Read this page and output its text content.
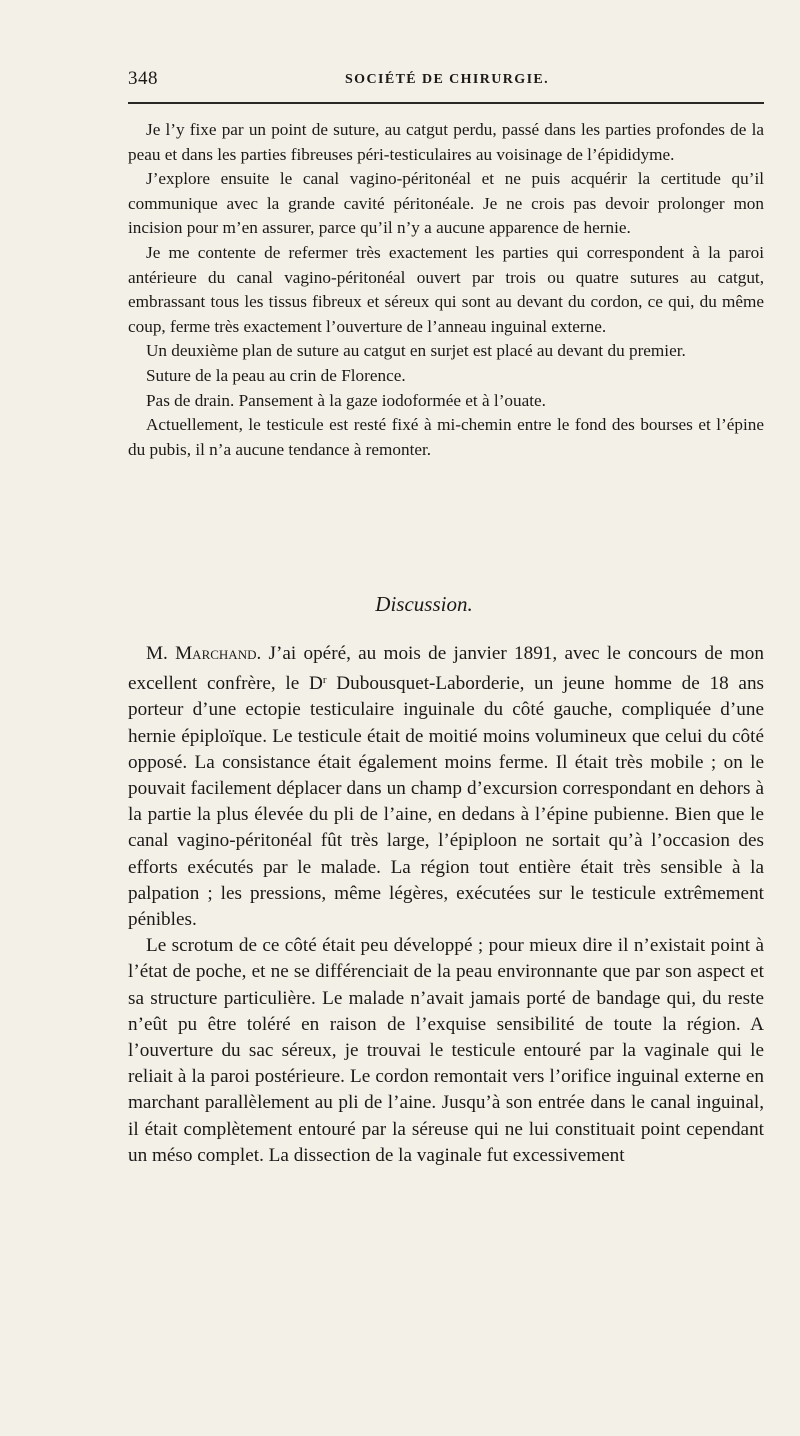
348	SOCIÉTÉ DE CHIRURGIE.

Je l’y fixe par un point de suture, au catgut perdu, passé dans les parties profondes de la peau et dans les parties fibreuses péri-testiculaires au voisinage de l’épididyme.

J’explore ensuite le canal vagino-péritonéal et ne puis acquérir la certitude qu’il communique avec la grande cavité péritonéale. Je ne crois pas devoir prolonger mon incision pour m’en assurer, parce qu’il n’y a aucune apparence de hernie.

Je me contente de refermer très exactement les parties qui correspondent à la paroi antérieure du canal vagino-péritonéal ouvert par trois ou quatre sutures au catgut, embrassant tous les tissus fibreux et séreux qui sont au devant du cordon, ce qui, du même coup, ferme très exactement l’ouverture de l’anneau inguinal externe.

Un deuxième plan de suture au catgut en surjet est placé au devant du premier.

Suture de la peau au crin de Florence.

Pas de drain. Pansement à la gaze iodoformée et à l’ouate.

Actuellement, le testicule est resté fixé à mi-chemin entre le fond des bourses et l’épine du pubis, il n’a aucune tendance à remonter.

Discussion.

M. Marchand. J’ai opéré, au mois de janvier 1891, avec le concours de mon excellent confrère, le $D^r$ Dubousquet-Laborderie, un jeune homme de 18 ans porteur d’une ectopie testiculaire inguinale du côté gauche, compliquée d’une hernie épiploïque. Le testicule était de moitié moins volumineux que celui du côté opposé. La consistance était également moins ferme. Il était très mobile ; on le pouvait facilement déplacer dans un champ d’excursion correspondant en dehors à la partie la plus élevée du pli de l’aine, en dedans à l’épine pubienne. Bien que le canal vagino-péritonéal fût très large, l’épiploon ne sortait qu’à l’occasion des efforts exécutés par le malade. La région tout entière était très sensible à la palpation ; les pressions, même légères, exécutées sur le testicule extrêmement pénibles.

Le scrotum de ce côté était peu développé ; pour mieux dire il n’existait point à l’état de poche, et ne se différenciait de la peau environnante que par son aspect et sa structure particulière. Le malade n’avait jamais porté de bandage qui, du reste n’eût pu être toléré en raison de l’exquise sensibilité de toute la région. A l’ouverture du sac séreux, je trouvai le testicule entouré par la vaginale qui le reliait à la paroi postérieure. Le cordon remontait vers l’orifice inguinal externe en marchant parallèlement au pli de l’aine. Jusqu’à son entrée dans le canal inguinal, il était complètement entouré par la séreuse qui ne lui constituait point cependant un méso complet. La dissection de la vaginale fut excessivement
